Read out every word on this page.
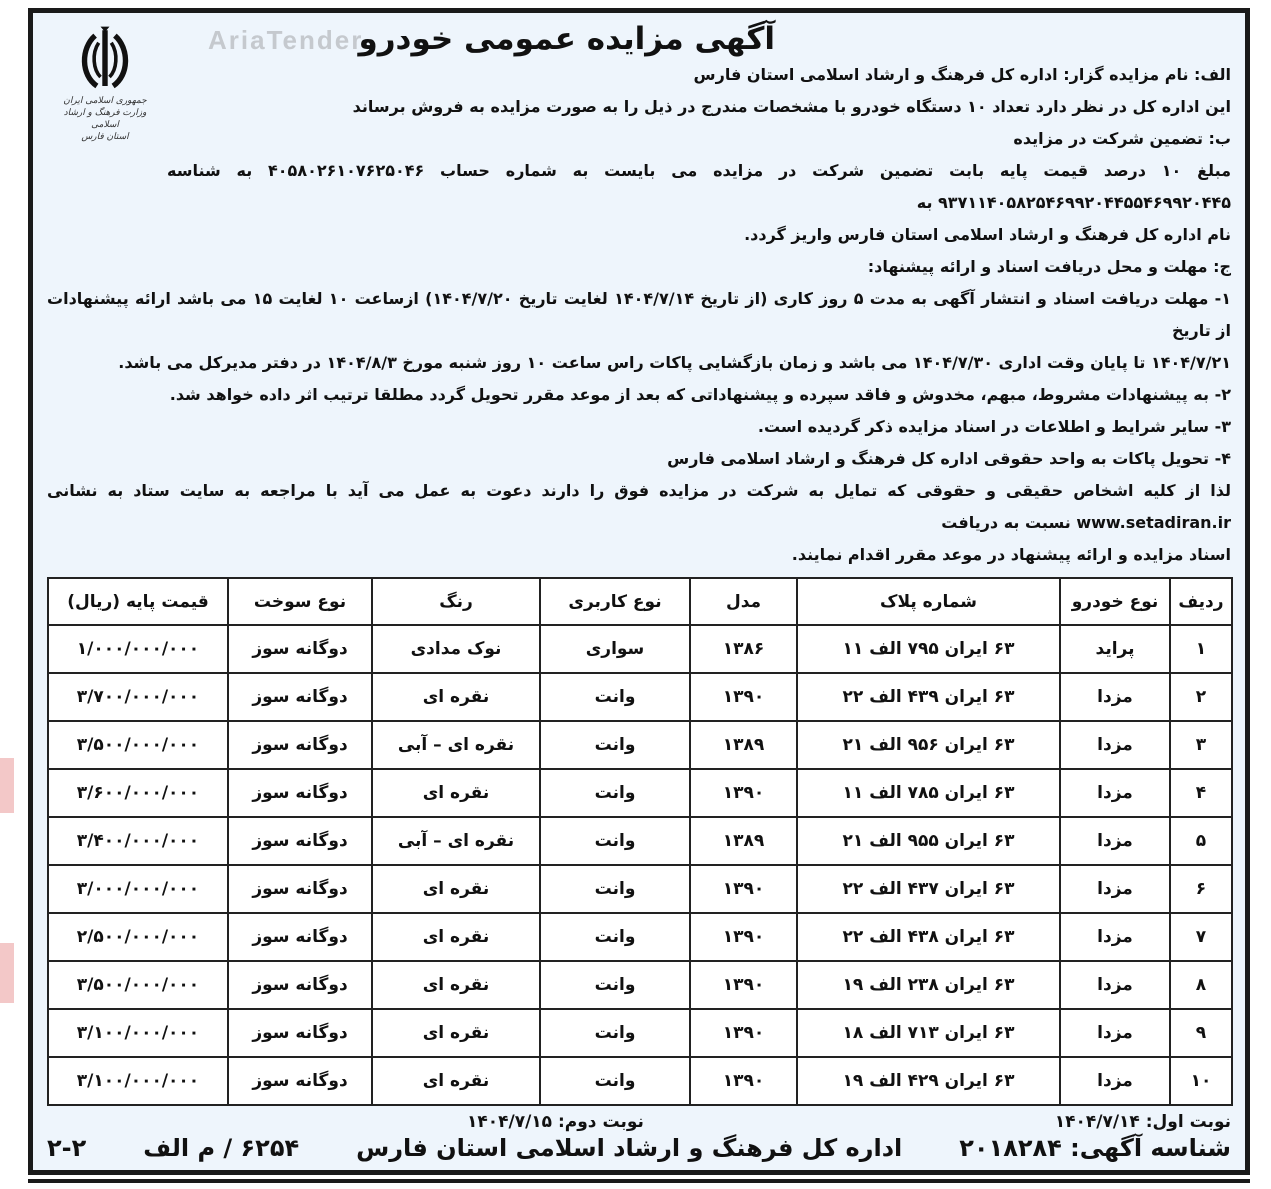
جمهوری اسلامی ایران
وزارت فرهنگ و ارشاد اسلامی
استان فارس
AriaTender
آگهی مزایده عمومی خودرو
الف: نام مزایده گزار: اداره کل فرهنگ و ارشاد اسلامی استان فارس
این اداره کل در نظر دارد تعداد ۱۰ دستگاه خودرو با مشخصات مندرج در ذیل را به صورت مزایده به فروش برساند
ب: تضمین شرکت در مزایده
مبلغ ۱۰ درصد قیمت پایه بابت تضمین شرکت در مزایده می بایست به شماره حساب ۴۰۵۸۰۲۶۱۰۷۶۲۵۰۴۶ به شناسه ۹۳۷۱۱۴۰۵۸۲۵۴۶۹۹۲۰۴۴۵۵۴۶۹۹۲۰۴۴۵ به
نام اداره کل فرهنگ و ارشاد اسلامی استان فارس واریز گردد.
ج: مهلت و محل دریافت اسناد و ارائه پیشنهاد:
۱- مهلت دریافت اسناد و انتشار آگهی به مدت ۵ روز کاری (از تاریخ ۱۴۰۴/۷/۱۴ لغایت تاریخ ۱۴۰۴/۷/۲۰) ازساعت ۱۰ لغایت ۱۵ می باشد ارائه پیشنهادات از تاریخ
۱۴۰۴/۷/۲۱ تا پایان وقت اداری ۱۴۰۴/۷/۳۰ می باشد و زمان بازگشایی پاکات راس ساعت ۱۰ روز شنبه مورخ ۱۴۰۴/۸/۳ در دفتر مدیرکل می باشد.
۲- به پیشنهادات مشروط، مبهم، مخدوش و فاقد سپرده و پیشنهاداتی که بعد از موعد مقرر تحویل گردد مطلقا ترتیب اثر داده خواهد شد.
۳- سایر شرایط و اطلاعات در اسناد مزایده ذکر گردیده است.
۴- تحویل پاکات به واحد حقوقی اداره کل فرهنگ و ارشاد اسلامی فارس
لذا از کلیه اشخاص حقیقی و حقوقی که تمایل به شرکت در مزایده فوق را دارند دعوت به عمل می آید با مراجعه به سایت ستاد به نشانی www.setadiran.ir نسبت به دریافت
اسناد مزایده و ارائه پیشنهاد در موعد مقرر اقدام نمایند.
ردیف	نوع خودرو	شماره پلاک	مدل	نوع کاربری	رنگ	نوع سوخت	قیمت پایه (ریال)
۱	پراید	۶۳ ایران ۷۹۵ الف ۱۱	۱۳۸۶	سواری	نوک مدادی	دوگانه سوز	۱/۰۰۰/۰۰۰/۰۰۰
۲	مزدا	۶۳ ایران ۴۳۹ الف ۲۲	۱۳۹۰	وانت	نقره ای	دوگانه سوز	۳/۷۰۰/۰۰۰/۰۰۰
۳	مزدا	۶۳ ایران ۹۵۶ الف ۲۱	۱۳۸۹	وانت	نقره ای – آبی	دوگانه سوز	۳/۵۰۰/۰۰۰/۰۰۰
۴	مزدا	۶۳ ایران ۷۸۵ الف ۱۱	۱۳۹۰	وانت	نقره ای	دوگانه سوز	۳/۶۰۰/۰۰۰/۰۰۰
۵	مزدا	۶۳ ایران ۹۵۵ الف ۲۱	۱۳۸۹	وانت	نقره ای – آبی	دوگانه سوز	۳/۴۰۰/۰۰۰/۰۰۰
۶	مزدا	۶۳ ایران ۴۳۷ الف ۲۲	۱۳۹۰	وانت	نقره ای	دوگانه سوز	۳/۰۰۰/۰۰۰/۰۰۰
۷	مزدا	۶۳ ایران ۴۳۸ الف ۲۲	۱۳۹۰	وانت	نقره ای	دوگانه سوز	۲/۵۰۰/۰۰۰/۰۰۰
۸	مزدا	۶۳ ایران ۲۳۸ الف ۱۹	۱۳۹۰	وانت	نقره ای	دوگانه سوز	۳/۵۰۰/۰۰۰/۰۰۰
۹	مزدا	۶۳ ایران ۷۱۳ الف ۱۸	۱۳۹۰	وانت	نقره ای	دوگانه سوز	۳/۱۰۰/۰۰۰/۰۰۰
۱۰	مزدا	۶۳ ایران ۴۲۹ الف ۱۹	۱۳۹۰	وانت	نقره ای	دوگانه سوز	۳/۱۰۰/۰۰۰/۰۰۰
نوبت اول: ۱۴۰۴/۷/۱۴
نوبت دوم: ۱۴۰۴/۷/۱۵
شناسه آگهی: ۲۰۱۸۲۸۴
اداره کل فرهنگ و ارشاد اسلامی استان فارس
۶۲۵۴ / م الف
۲-۲
